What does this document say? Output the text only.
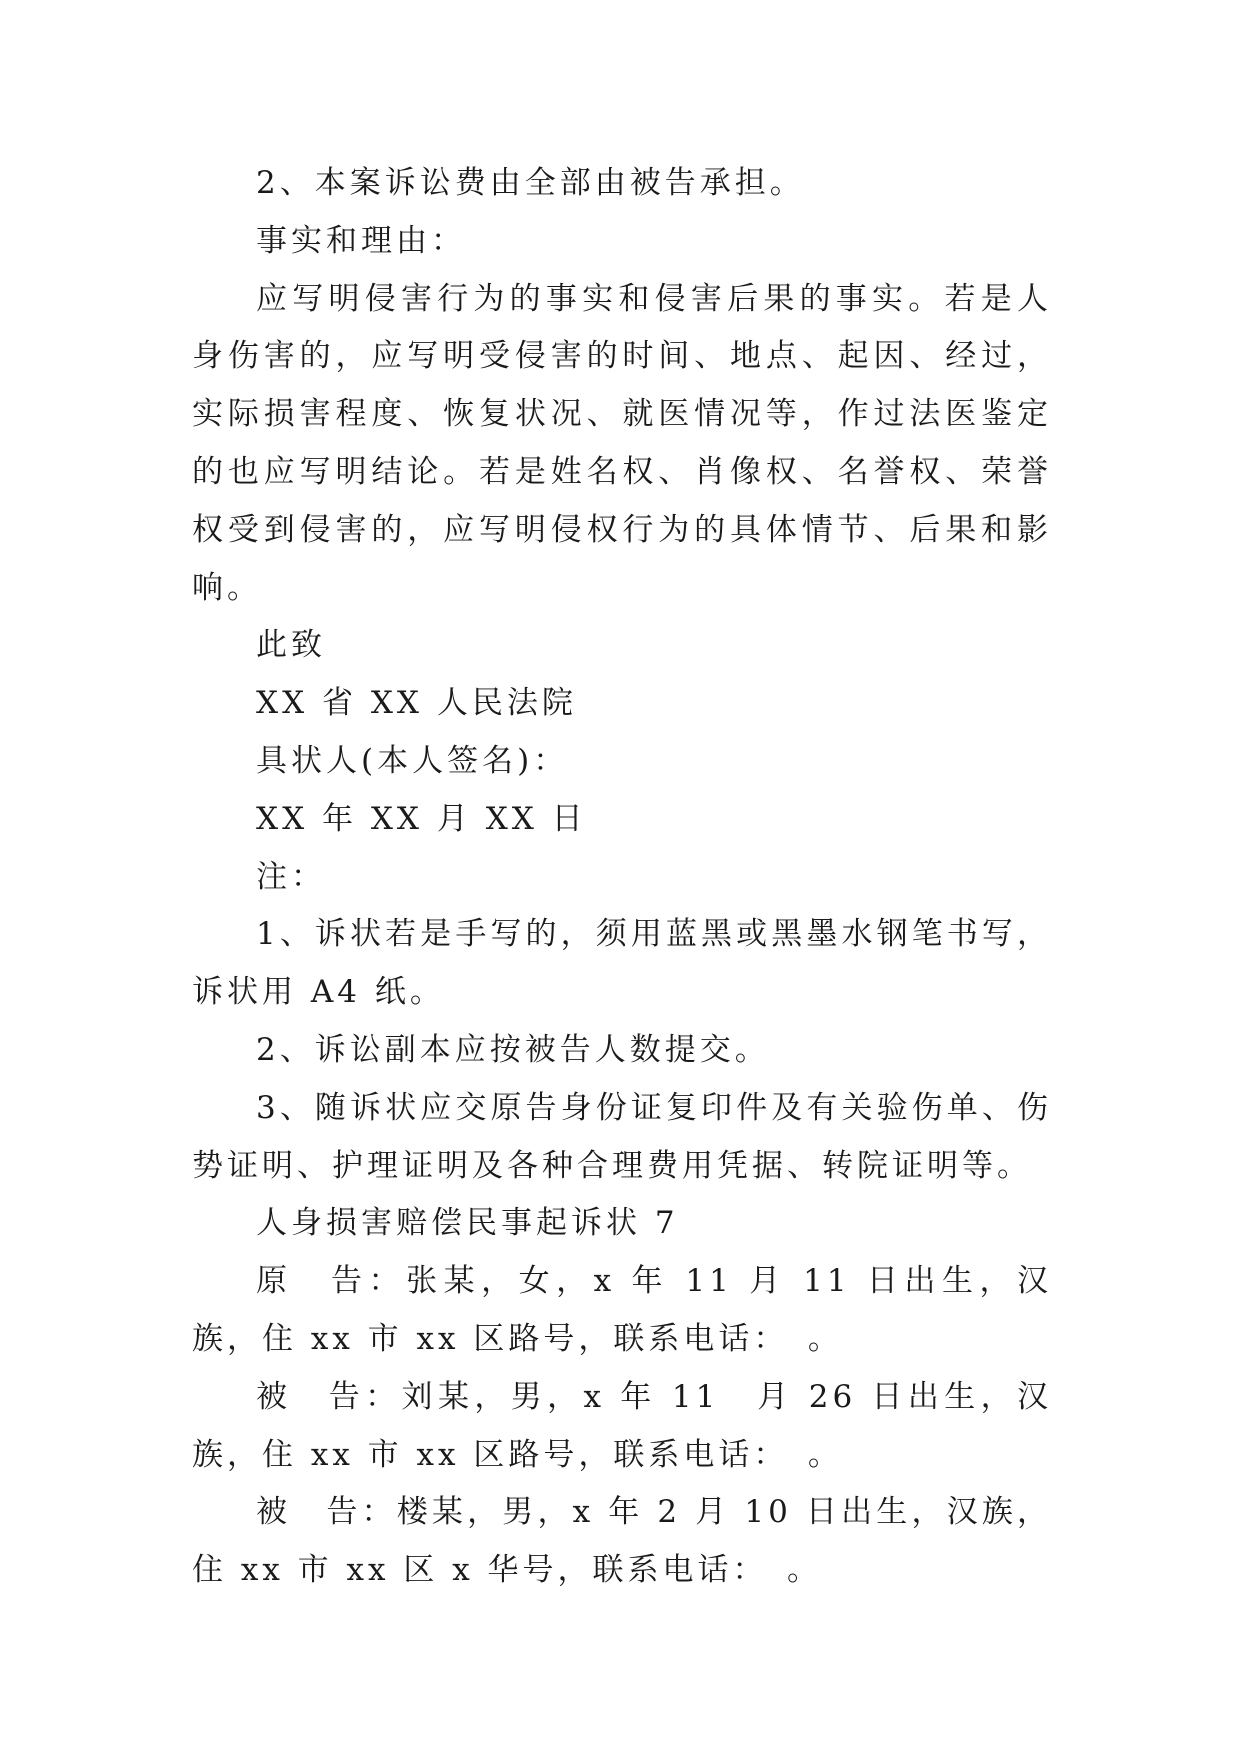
2、本案诉讼费由全部由被告承担。

事实和理由：

应写明侵害行为的事实和侵害后果的事实。若是人身伤害的，应写明受侵害的时间、地点、起因、经过，实际损害程度、恢复状况、就医情况等，作过法医鉴定的也应写明结论。若是姓名权、肖像权、名誉权、荣誉权受到侵害的，应写明侵权行为的具体情节、后果和影响。

此致

XX 省 XX 人民法院

具状人(本人签名)：

XX 年 XX 月 XX 日

注：

1、诉状若是手写的，须用蓝黑或黑墨水钢笔书写，诉状用 A4 纸。

2、诉讼副本应按被告人数提交。

3、随诉状应交原告身份证复印件及有关验伤单、伤势证明、护理证明及各种合理费用凭据、转院证明等。

人身损害赔偿民事起诉状 7

原　告：张某，女，x 年 11 月 11 日出生，汉族，住 xx 市 xx 区路号，联系电话：　。

被　告：刘某，男，x 年 11　月 26 日出生，汉族，住 xx 市 xx 区路号，联系电话：　。

被　告：楼某，男，x 年 2 月 10 日出生，汉族，住 xx 市 xx 区 x 华号，联系电话：　。
